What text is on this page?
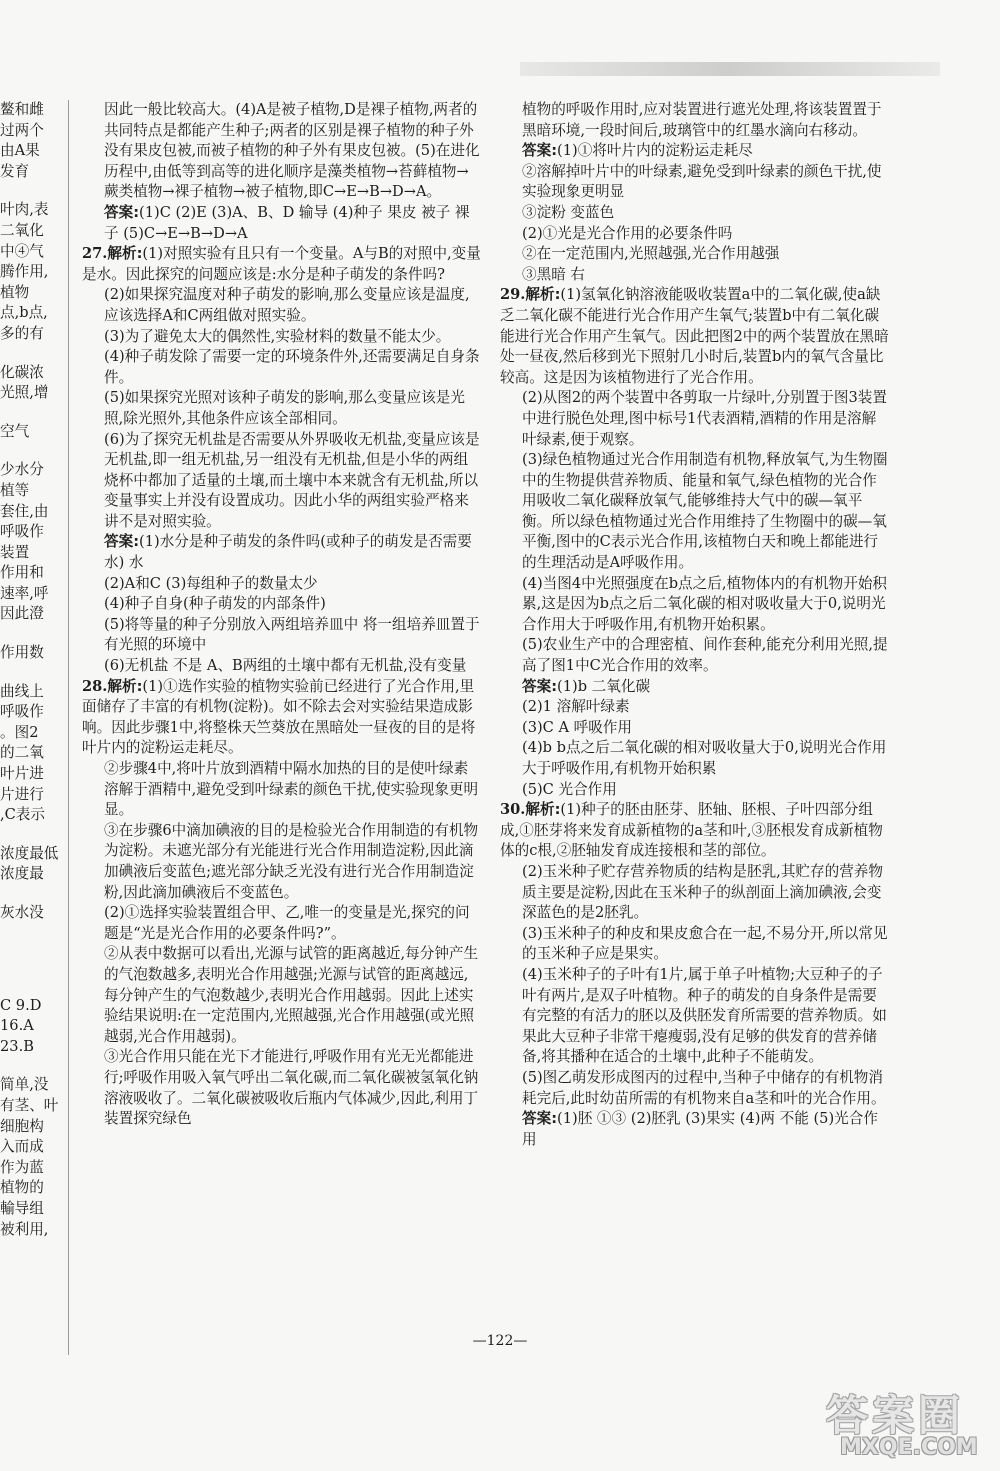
鳌和雌

过两个

由A果

发育

叶肉,表

二氧化

中④气

腾作用,

植物

点,b点,

多的有

化碳浓

光照,增

空气

少水分

植等

套住,由

呼吸作

装置

作用和

速率,呼

因此澄

作用数

曲线上

呼吸作

。图2

的二氧

叶片进

片进行

,C表示

浓度最低

浓度最

灰水没

C 9.D

16.A

23.B

简单,没

有茎、叶

细胞构

入而成

作为蓝

植物的

輸导组

被利用,

因此一般比较高大。(4)A是被子植物,D是裸子植物,两者的共同特点是都能产生种子;两者的区别是裸子植物的种子外没有果皮包被,而被子植物的种子外有果皮包被。(5)在进化历程中,由低等到高等的进化顺序是藻类植物→苔藓植物→蕨类植物→裸子植物→被子植物,即C→E→B→D→A。

答案:(1)C (2)E (3)A、B、D 输导 (4)种子 果皮 被子 裸子 (5)C→E→B→D→A

27.解析:(1)对照实验有且只有一个变量。A与B的对照中,变量是水。因此探究的问题应该是:水分是种子萌发的条件吗?

(2)如果探究温度对种子萌发的影响,那么变量应该是温度,应该选择A和C两组做对照实验。

(3)为了避免太大的偶然性,实验材料的数量不能太少。

(4)种子萌发除了需要一定的环境条件外,还需要满足自身条件。

(5)如果探究光照对该种子萌发的影响,那么变量应该是光照,除光照外,其他条件应该全部相同。

(6)为了探究无机盐是否需要从外界吸收无机盐,变量应该是无机盐,即一组无机盐,另一组没有无机盐,但是小华的两组烧杯中都加了适量的土壤,而土壤中本来就含有无机盐,所以变量事实上并没有设置成功。因此小华的两组实验严格来讲不是对照实验。

答案:(1)水分是种子萌发的条件吗(或种子的萌发是否需要水) 水

(2)A和C (3)每组种子的数量太少

(4)种子自身(种子萌发的内部条件)

(5)将等量的种子分别放入两组培养皿中 将一组培养皿置于有光照的环境中

(6)无机盐 不是 A、B两组的土壤中都有无机盐,没有变量

28.解析:(1)①选作实验的植物实验前已经进行了光合作用,里面储存了丰富的有机物(淀粉)。如不除去会对实验结果造成影响。因此步骤1中,将整株天竺葵放在黑暗处一昼夜的目的是将叶片内的淀粉运走耗尽。

②步骤4中,将叶片放到酒精中隔水加热的目的是使叶绿素溶解于酒精中,避免受到叶绿素的颜色干扰,使实验现象更明显。

③在步骤6中滴加碘液的目的是检验光合作用制造的有机物为淀粉。未遮光部分有光能进行光合作用制造淀粉,因此滴加碘液后变蓝色;遮光部分缺乏光没有进行光合作用制造淀粉,因此滴加碘液后不变蓝色。

(2)①选择实验装置组合甲、乙,唯一的变量是光,探究的问题是“光是光合作用的必要条件吗?”。

②从表中数据可以看出,光源与试管的距离越近,每分钟产生的气泡数越多,表明光合作用越强;光源与试管的距离越远,每分钟产生的气泡数越少,表明光合作用越弱。因此上述实验结果说明:在一定范围内,光照越强,光合作用越强(或光照越弱,光合作用越弱)。

③光合作用只能在光下才能进行,呼吸作用有光无光都能进行;呼吸作用吸入氧气呼出二氧化碳,而二氧化碳被氢氧化钠溶液吸收了。二氧化碳被吸收后瓶内气体减少,因此,利用丁装置探究绿色

植物的呼吸作用时,应对装置进行遮光处理,将该装置置于黑暗环境,一段时间后,玻璃管中的红墨水滴向右移动。

答案:(1)①将叶片内的淀粉运走耗尽

②溶解掉叶片中的叶绿素,避免受到叶绿素的颜色干扰,使实验现象更明显

③淀粉 变蓝色

(2)①光是光合作用的必要条件吗

②在一定范围内,光照越强,光合作用越强

③黑暗 右

29.解析:(1)氢氧化钠溶液能吸收装置a中的二氧化碳,使a缺乏二氧化碳不能进行光合作用产生氧气;装置b中有二氧化碳能进行光合作用产生氧气。因此把图2中的两个装置放在黑暗处一昼夜,然后移到光下照射几小时后,装置b内的氧气含量比较高。这是因为该植物进行了光合作用。

(2)从图2的两个装置中各剪取一片绿叶,分别置于图3装置中进行脱色处理,图中标号1代表酒精,酒精的作用是溶解叶绿素,便于观察。

(3)绿色植物通过光合作用制造有机物,释放氧气,为生物圈中的生物提供营养物质、能量和氧气,绿色植物的光合作用吸收二氧化碳释放氧气,能够维持大气中的碳—氧平衡。所以绿色植物通过光合作用维持了生物圈中的碳—氧平衡,图中的C表示光合作用,该植物白天和晚上都能进行的生理活动是A呼吸作用。

(4)当图4中光照强度在b点之后,植物体内的有机物开始积累,这是因为b点之后二氧化碳的相对吸收量大于0,说明光合作用大于呼吸作用,有机物开始积累。

(5)农业生产中的合理密植、间作套种,能充分利用光照,提高了图1中C光合作用的效率。

答案:(1)b 二氧化碳

(2)1 溶解叶绿素

(3)C A 呼吸作用

(4)b b点之后二氧化碳的相对吸收量大于0,说明光合作用大于呼吸作用,有机物开始积累

(5)C 光合作用

30.解析:(1)种子的胚由胚芽、胚轴、胚根、子叶四部分组成,①胚芽将来发育成新植物的a茎和叶,③胚根发育成新植物体的c根,②胚轴发育成连接根和茎的部位。

(2)玉米种子贮存营养物质的结构是胚乳,其贮存的营养物质主要是淀粉,因此在玉米种子的纵剖面上滴加碘液,会变深蓝色的是2胚乳。

(3)玉米种子的种皮和果皮愈合在一起,不易分开,所以常见的玉米种子应是果实。

(4)玉米种子的子叶有1片,属于单子叶植物;大豆种子的子叶有两片,是双子叶植物。种子的萌发的自身条件是需要有完整的有活力的胚以及供胚发育所需要的营养物质。如果此大豆种子非常干瘪瘦弱,没有足够的供发育的营养储备,将其播种在适合的土壤中,此种子不能萌发。

(5)图乙萌发形成图丙的过程中,当种子中储存的有机物消耗完后,此时幼苗所需的有机物来自a茎和叶的光合作用。

答案:(1)胚 ①③ (2)胚乳 (3)果实 (4)两 不能 (5)光合作用

—122—
答案圈
MXQE.COM
